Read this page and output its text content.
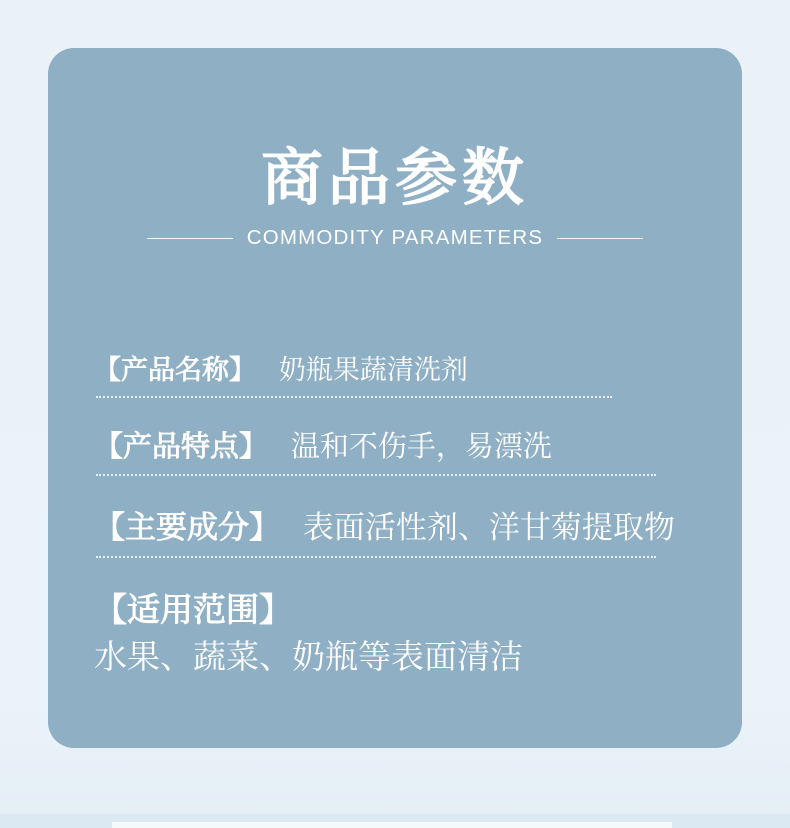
商品参数
COMMODITY PARAMETERS
【产品名称】 奶瓶果蔬清洗剂
【产品特点】 温和不伤手，易漂洗
【主要成分】 表面活性剂、洋甘菊提取物
【适用范围】  水果、蔬菜、奶瓶等表面清洁
